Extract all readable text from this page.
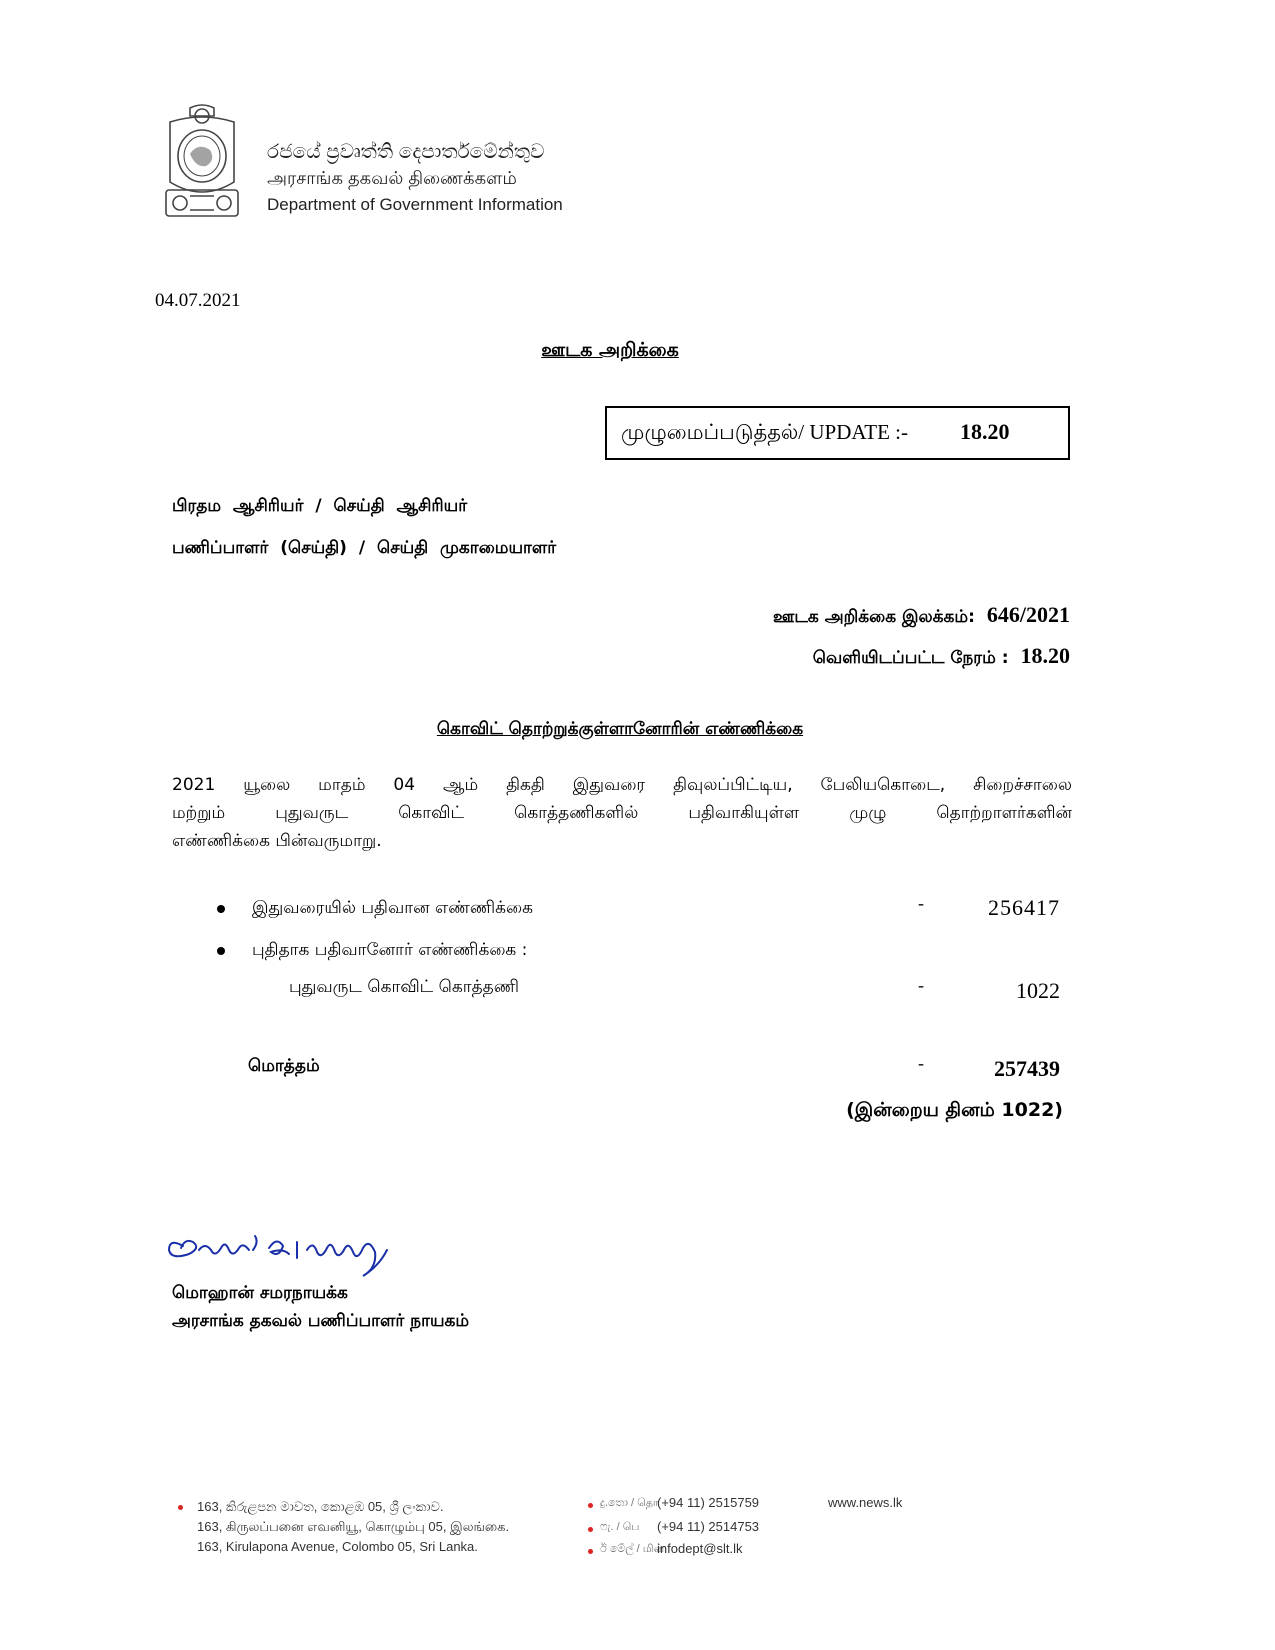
රජයේ ප්‍රවෘත්ති දෙපාර්තමේන්තුව
அரசாங்க தகவல் திணைக்களம்
Department of Government Information
04.07.2021
ஊடக அறிக்கை
முழுமைப்படுத்தல்/ UPDATE :- 18.20
பிரதம ஆசிரியர் / செய்தி ஆசிரியர்
பணிப்பாளர் (செய்தி) / செய்தி முகாமையாளர்
ஊடக அறிக்கை இலக்கம்: 646/2021
வெளியிடப்பட்ட நேரம் : 18.20
கொவிட் தொற்றுக்குள்ளானோரின் எண்ணிக்கை
2021 யூலை மாதம் 04 ஆம் திகதி இதுவரை திவுலப்பிட்டிய, பேலியகொடை, சிறைச்சாலை
மற்றும் புதுவருட கொவிட் கொத்தணிகளில் பதிவாகியுள்ள முழு தொற்றாளர்களின்
எண்ணிக்கை பின்வருமாறு.
இதுவரையில் பதிவான எண்ணிக்கை	-	256417
புதிதாக பதிவானோர் எண்ணிக்கை :
புதுவருட கொவிட் கொத்தணி	-	1022
மொத்தம்	-	257439
(இன்றைய தினம் 1022)
மொஹான் சமரநாயக்க
அரசாங்க தகவல் பணிப்பாளர் நாயகம்
163, කිරුළපන මාවත, කොළඹ 05, ශ්‍රී ලංකාව.
163, கிருலப்பனை எவனியூ, கொழும்பு 05, இலங்கை.
163, Kirulapona Avenue, Colombo 05, Sri Lanka.
දු.තො / தொ
(+94 11) 2515759
ෆැ. / பெ (+94 11) 2514753
ඊ මේල් / மின்
infodept@slt.lk
www.news.lk
